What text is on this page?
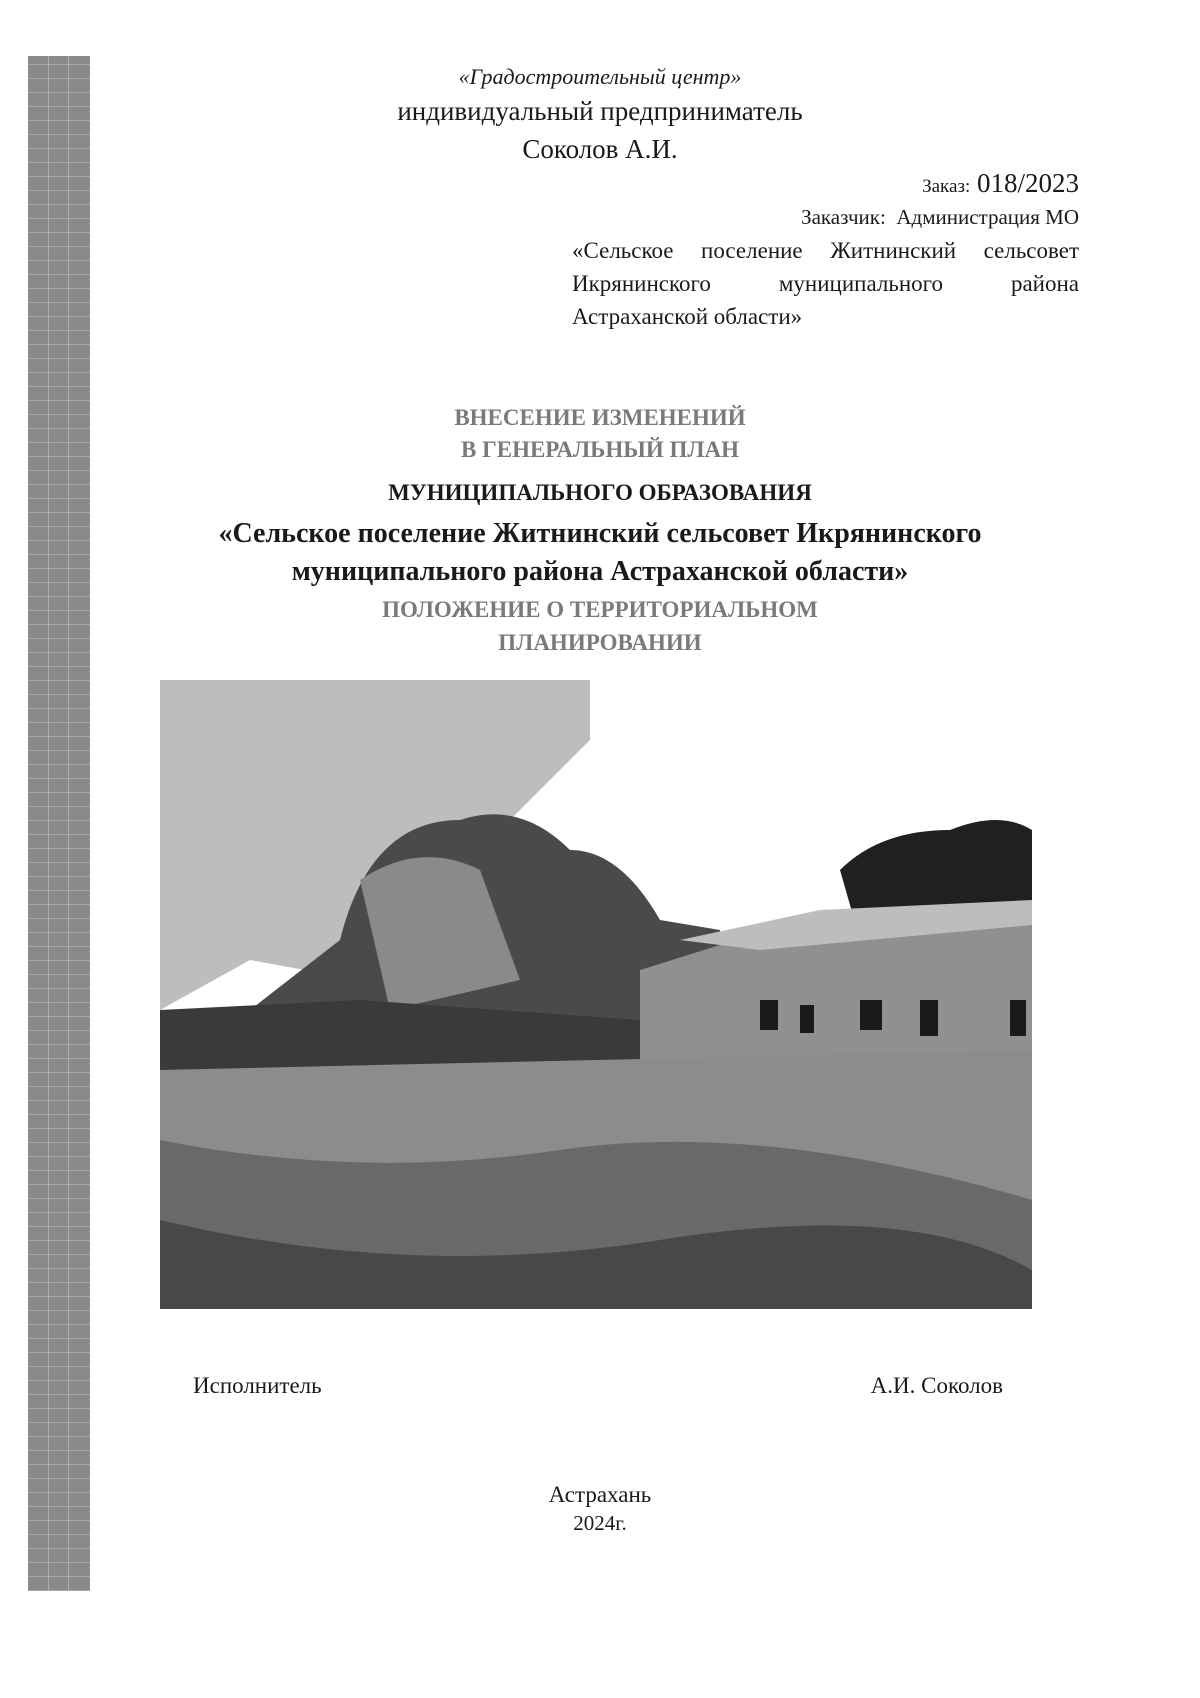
«Градостроительный центр»
индивидуальный предприниматель
Соколов А.И.
Заказ: 018/2023
Заказчик: Администрация МО
«Сельское поселение Житнинский сельсовет Икрянинского муниципального района Астраханской области»
ВНЕСЕНИЕ ИЗМЕНЕНИЙ
В ГЕНЕРАЛЬНЫЙ ПЛАН
МУНИЦИПАЛЬНОГО ОБРАЗОВАНИЯ
«Сельское поселение Житнинский сельсовет Икрянинского муниципального района Астраханской области»
ПОЛОЖЕНИЕ О ТЕРРИТОРИАЛЬНОМ
ПЛАНИРОВАНИИ
Исполнитель	А.И. Соколов
Астрахань
2024г.
